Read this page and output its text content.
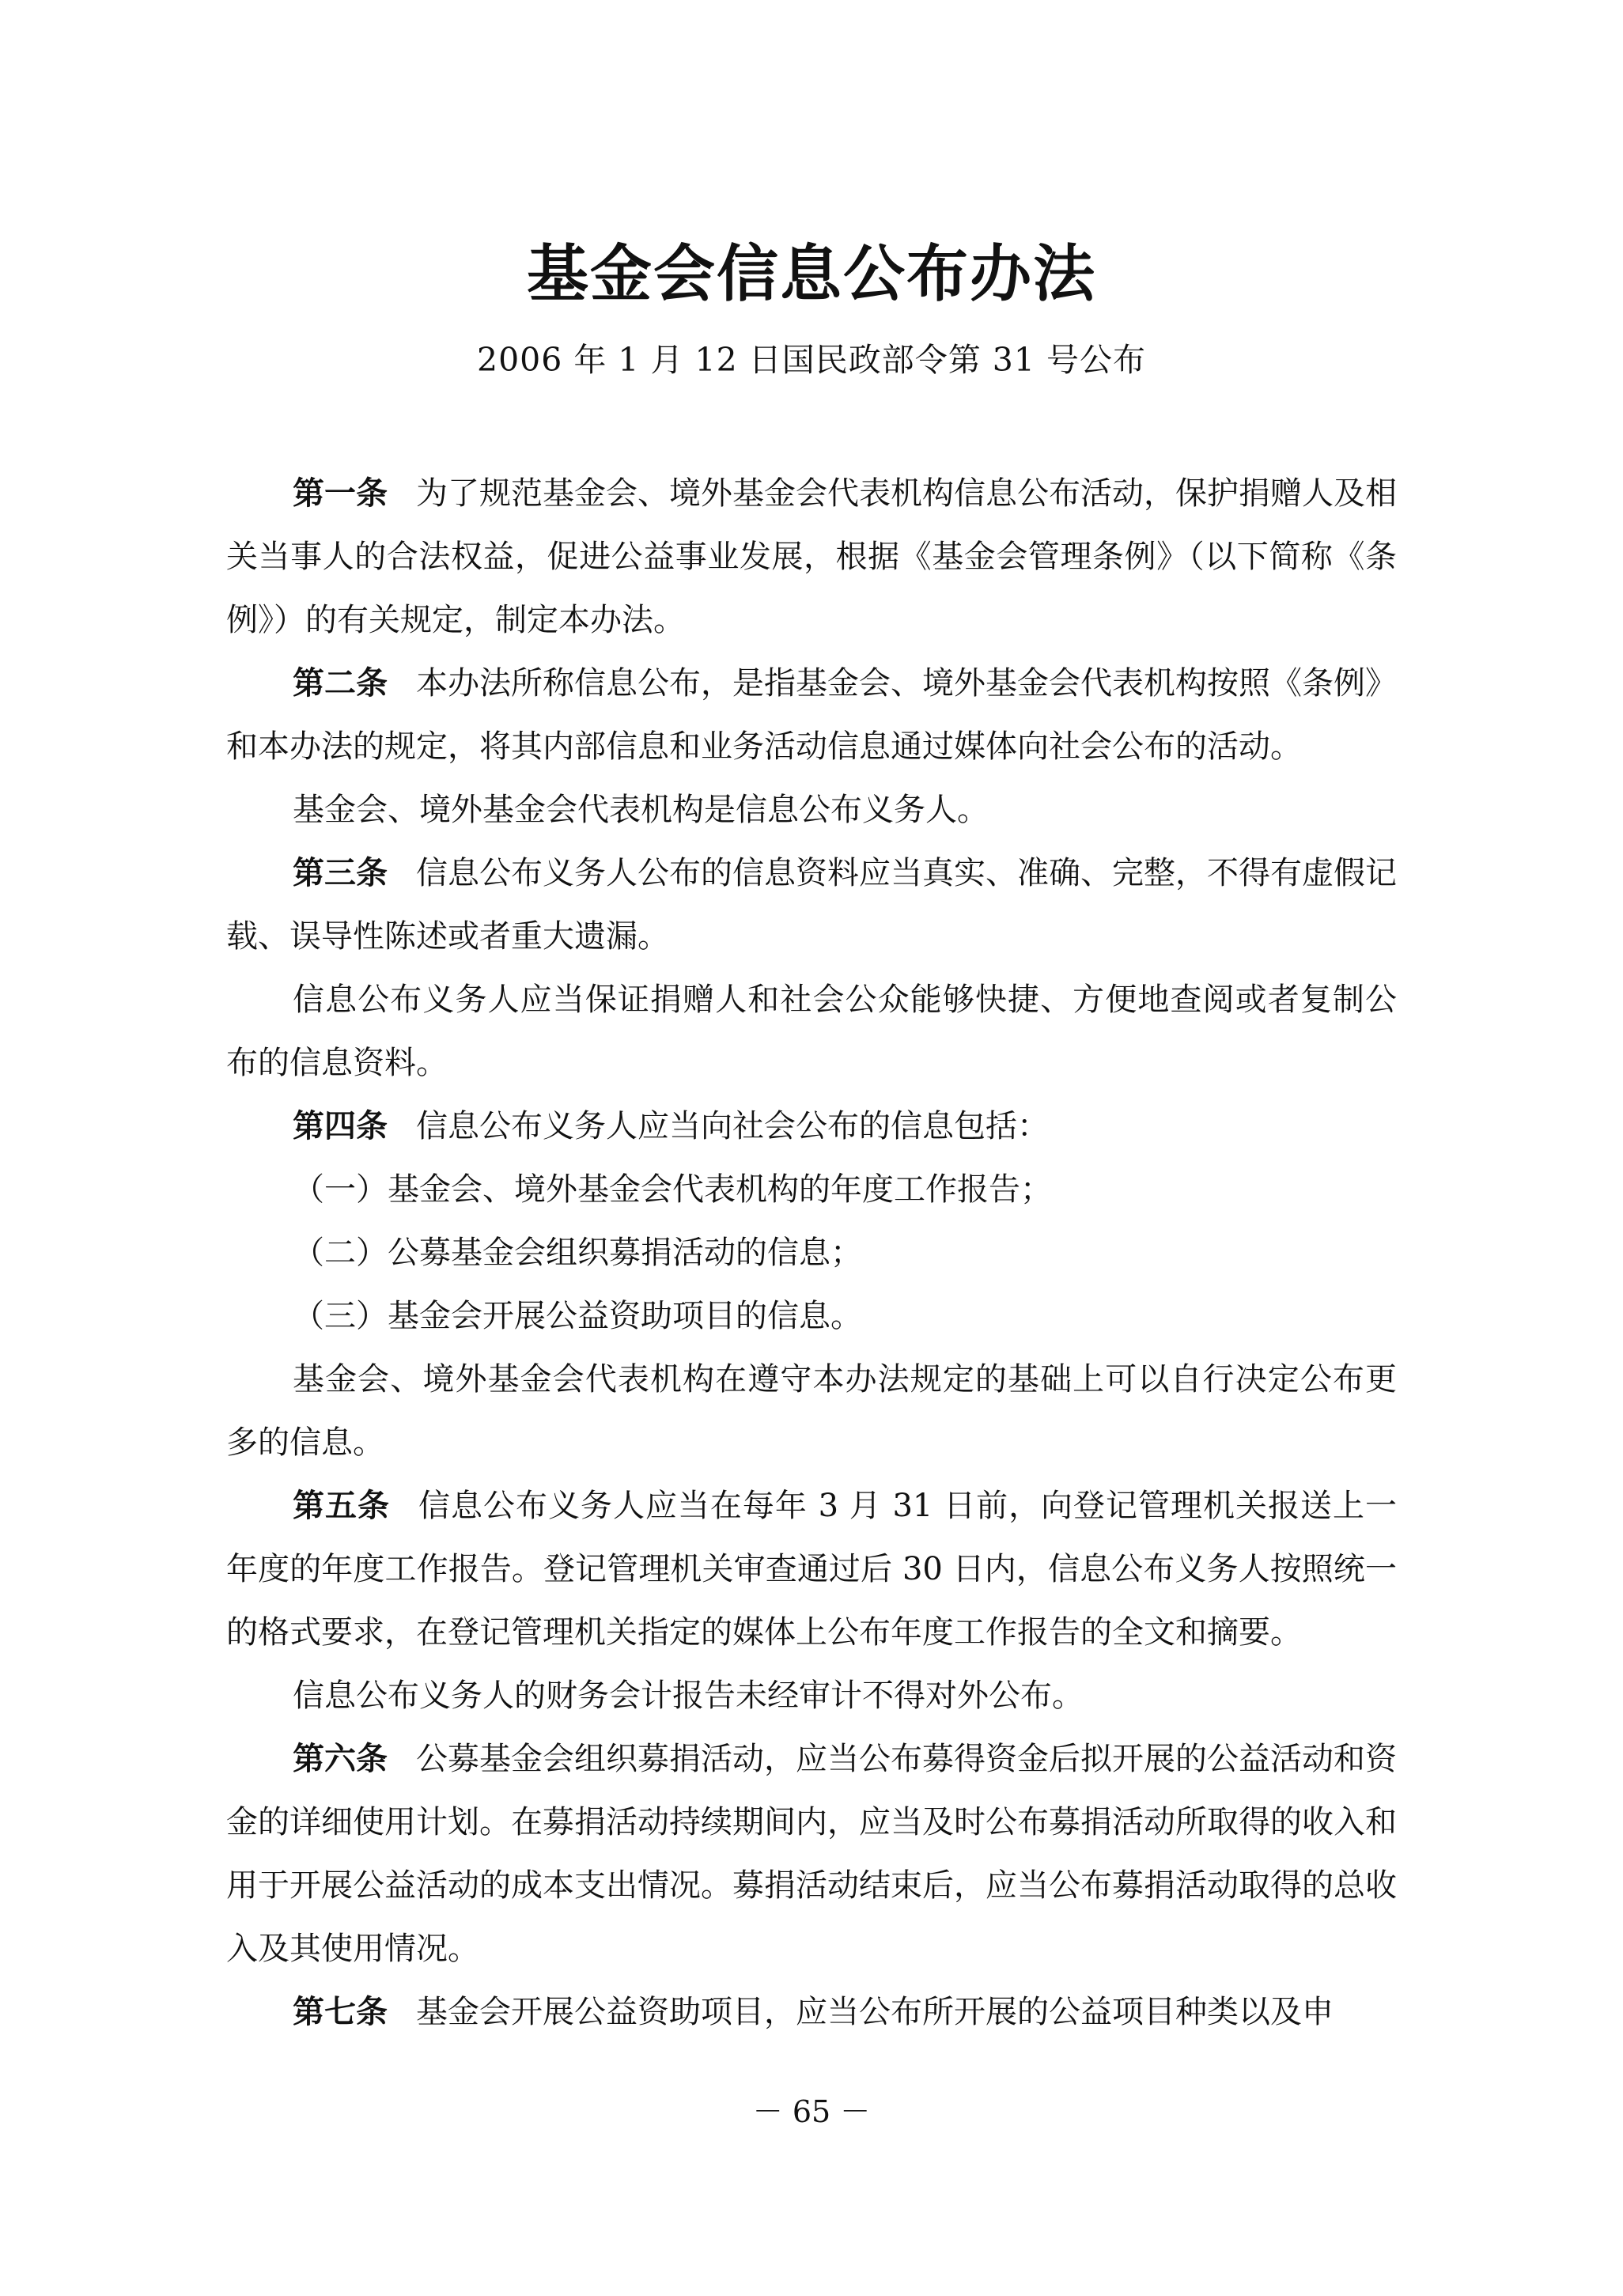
基金会信息公布办法
2006 年 1 月 12 日国民政部令第 31 号公布

第一条 为了规范基金会、境外基金会代表机构信息公布活动，保护捐赠人及相关当事人的合法权益，促进公益事业发展，根据《基金会管理条例》（以下简称《条例》）的有关规定，制定本办法。

第二条 本办法所称信息公布，是指基金会、境外基金会代表机构按照《条例》和本办法的规定，将其内部信息和业务活动信息通过媒体向社会公布的活动。

基金会、境外基金会代表机构是信息公布义务人。

第三条 信息公布义务人公布的信息资料应当真实、准确、完整，不得有虚假记载、误导性陈述或者重大遗漏。

信息公布义务人应当保证捐赠人和社会公众能够快捷、方便地查阅或者复制公布的信息资料。

第四条 信息公布义务人应当向社会公布的信息包括：

（一）基金会、境外基金会代表机构的年度工作报告；

（二）公募基金会组织募捐活动的信息；

（三）基金会开展公益资助项目的信息。

基金会、境外基金会代表机构在遵守本办法规定的基础上可以自行决定公布更多的信息。

第五条 信息公布义务人应当在每年 3 月 31 日前，向登记管理机关报送上一年度的年度工作报告。登记管理机关审查通过后 30 日内，信息公布义务人按照统一的格式要求，在登记管理机关指定的媒体上公布年度工作报告的全文和摘要。

信息公布义务人的财务会计报告未经审计不得对外公布。

第六条 公募基金会组织募捐活动，应当公布募得资金后拟开展的公益活动和资金的详细使用计划。在募捐活动持续期间内，应当及时公布募捐活动所取得的收入和用于开展公益活动的成本支出情况。募捐活动结束后，应当公布募捐活动取得的总收入及其使用情况。

第七条 基金会开展公益资助项目，应当公布所开展的公益项目种类以及申

－ 65 －
